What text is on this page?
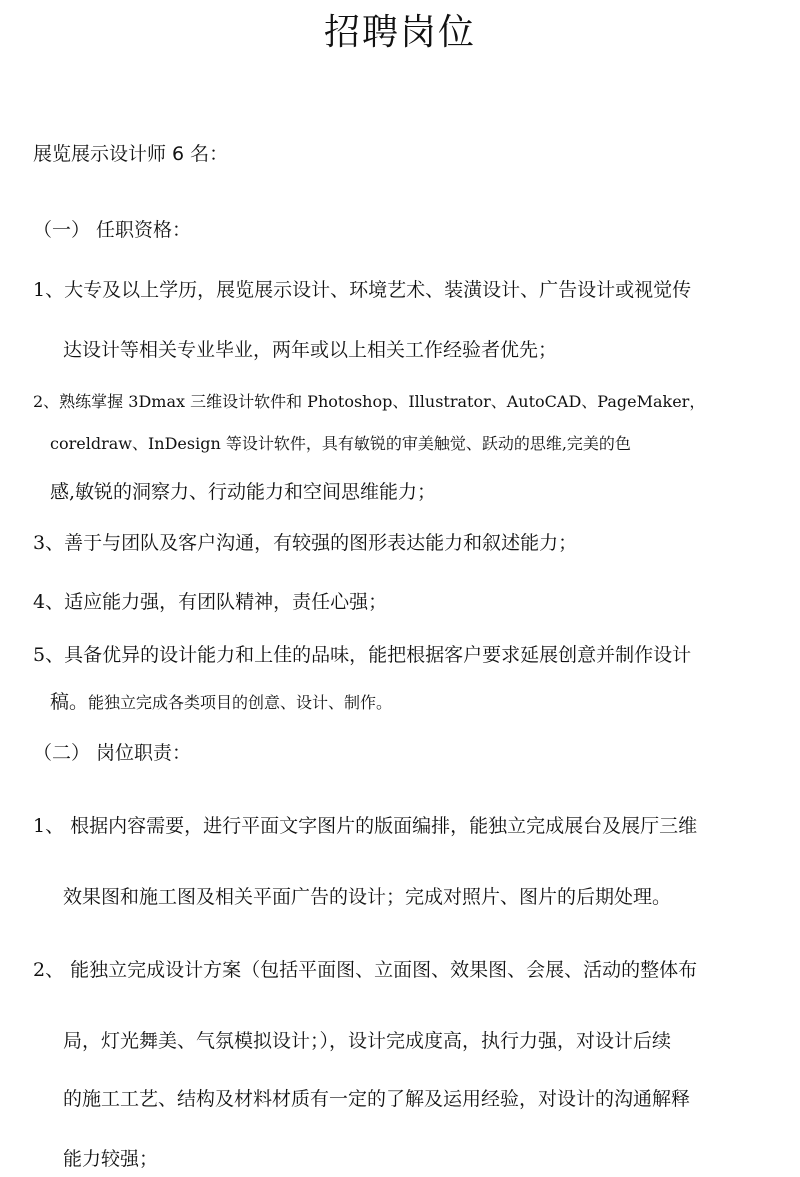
招聘岗位
展览展示设计师 6 名：
（一） 任职资格：
1、大专及以上学历，展览展示设计、环境艺术、装潢设计、广告设计或视觉传
达设计等相关专业毕业，两年或以上相关工作经验者优先；
2、熟练掌握 3Dmax 三维设计软件和 Photoshop、Illustrator、AutoCAD、PageMaker，
coreldraw、InDesign 等设计软件，具有敏锐的审美触觉、跃动的思维,完美的色
感,敏锐的洞察力、行动能力和空间思维能力；
3、善于与团队及客户沟通，有较强的图形表达能力和叙述能力；
4、适应能力强，有团队精神，责任心强；
5、具备优异的设计能力和上佳的品味，能把根据客户要求延展创意并制作设计
稿。能独立完成各类项目的创意、设计、制作。
（二） 岗位职责：
1、 根据内容需要，进行平面文字图片的版面编排，能独立完成展台及展厅三维
效果图和施工图及相关平面广告的设计；完成对照片、图片的后期处理。
2、 能独立完成设计方案（包括平面图、立面图、效果图、会展、活动的整体布
局，灯光舞美、气氛模拟设计；），设计完成度高，执行力强，对设计后续
的施工工艺、结构及材料材质有一定的了解及运用经验，对设计的沟通解释
能力较强；
